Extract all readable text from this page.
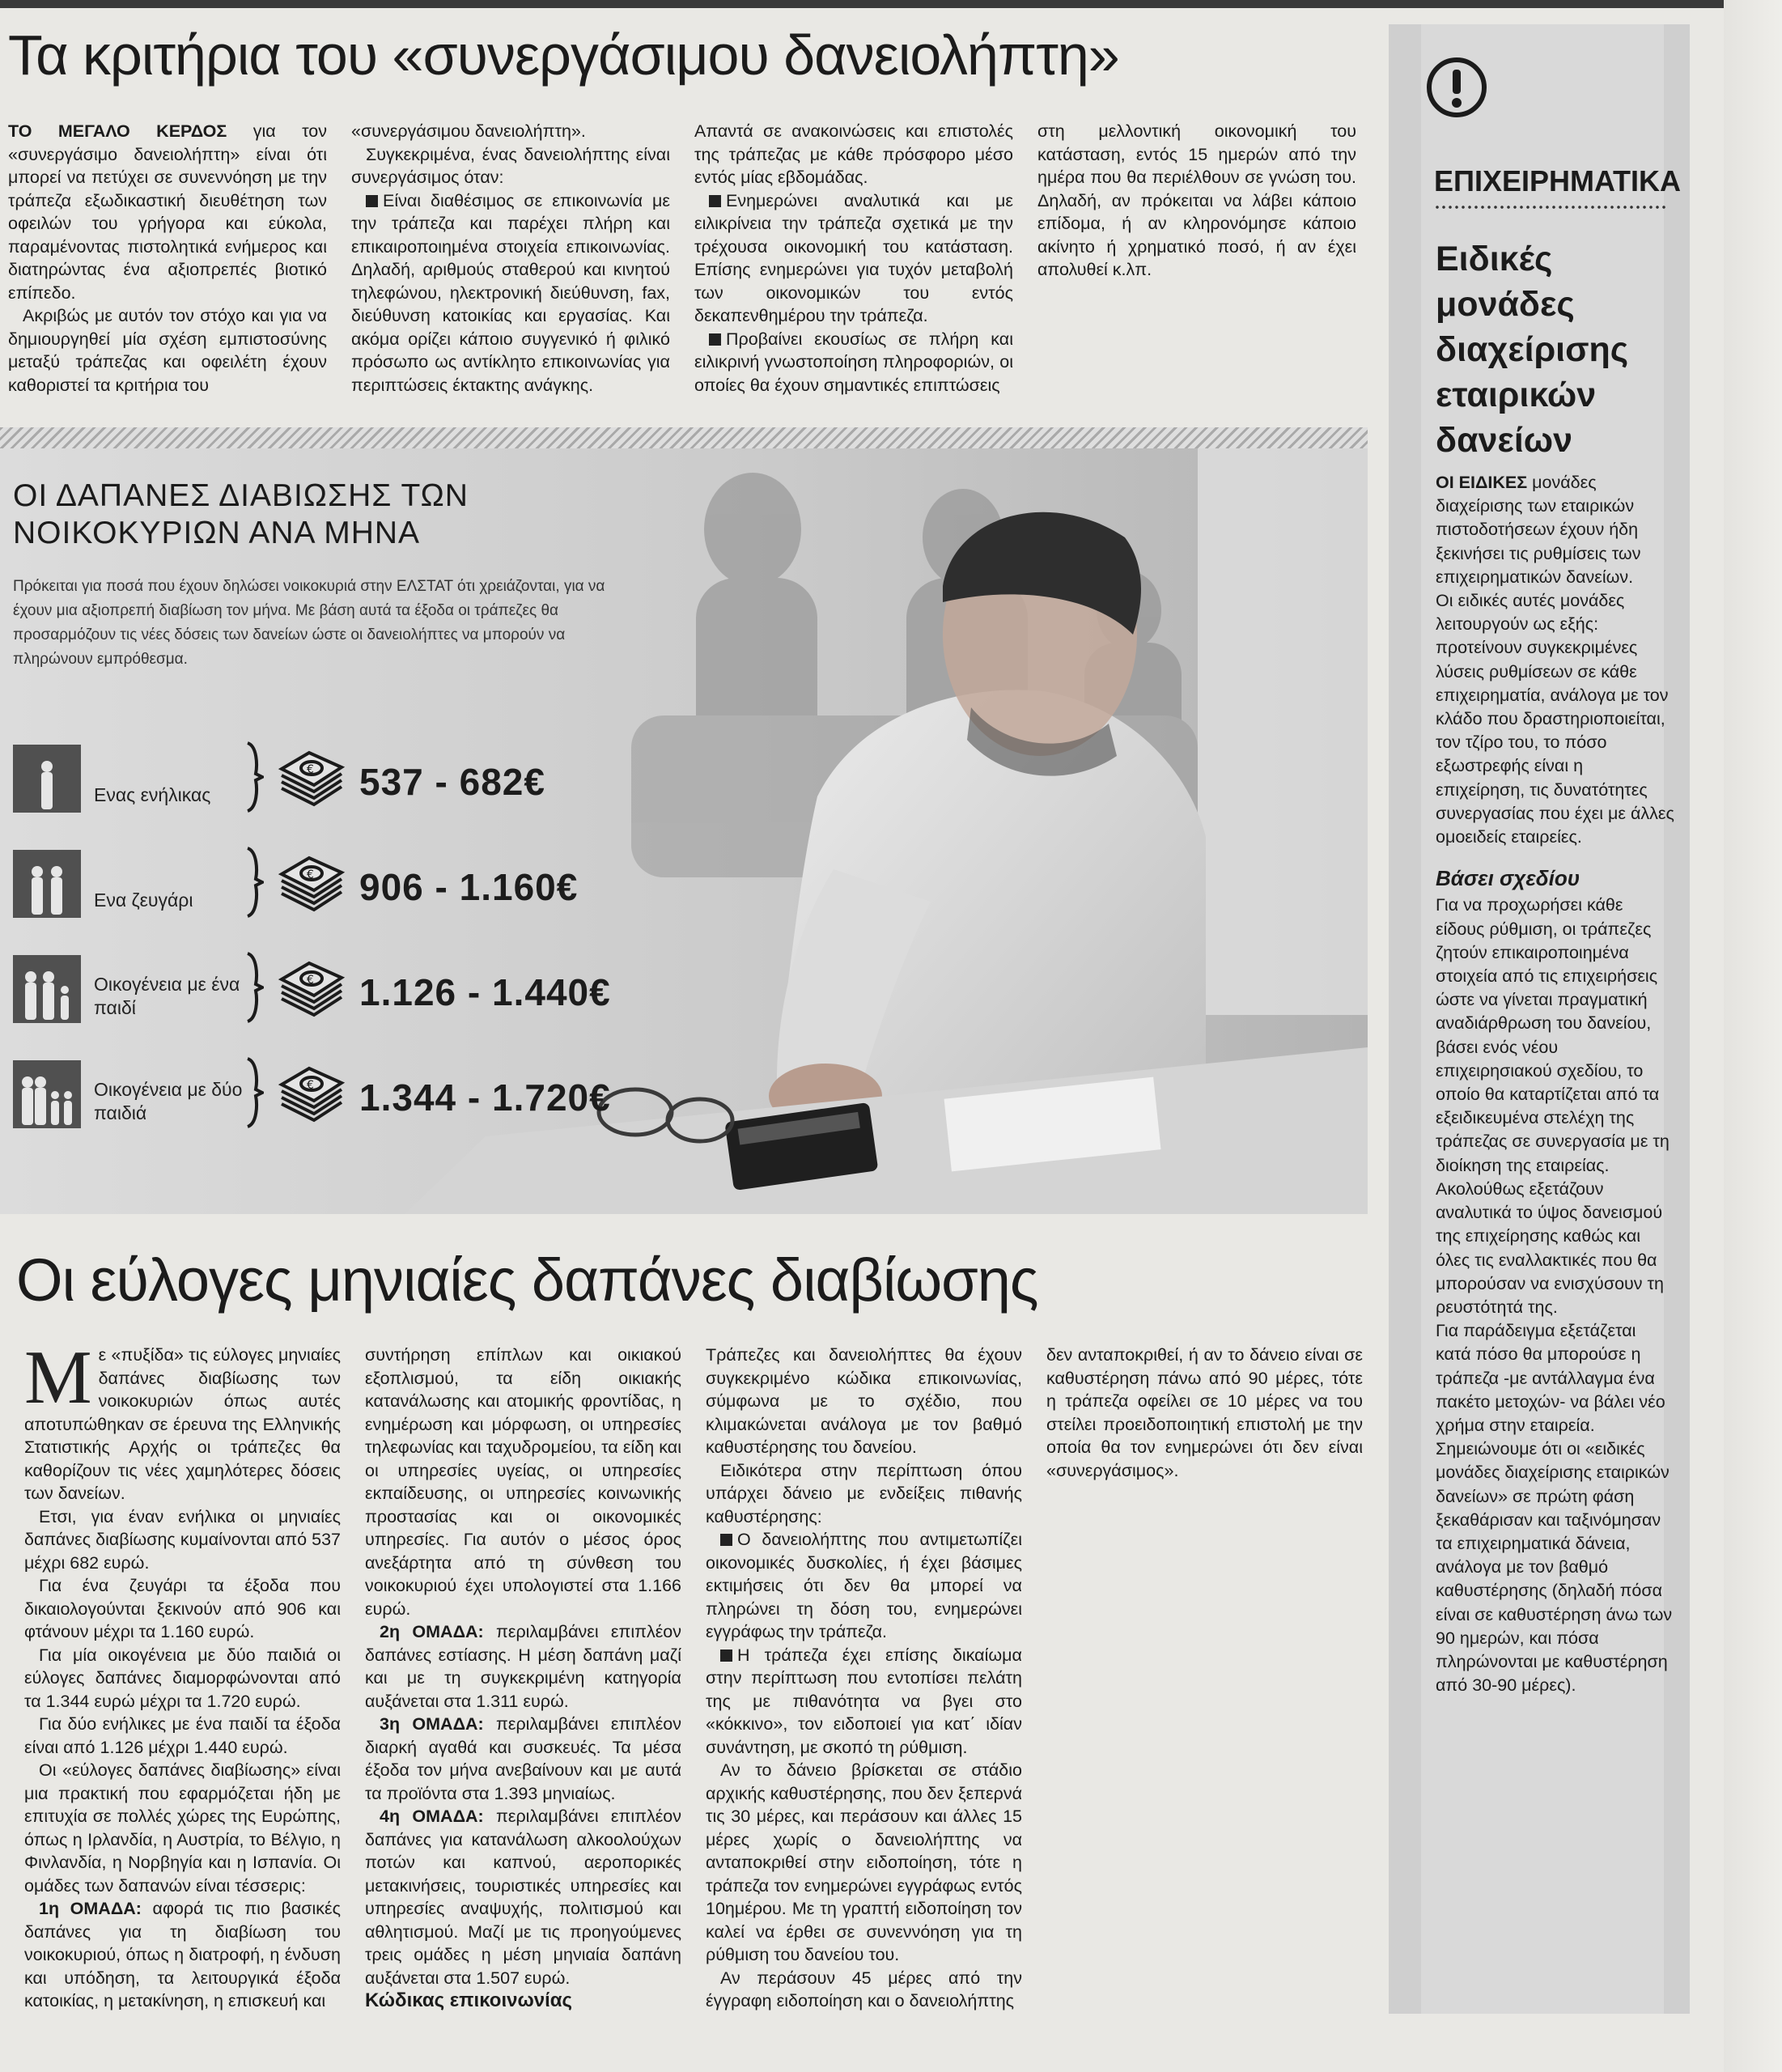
Τα κριτήρια του «συνεργάσιμου δανειολήπτη»

ΤΟ ΜΕΓΑΛΟ ΚΕΡΔΟΣ για τον «συνεργάσιμο δανειολήπτη» είναι ότι μπορεί να πετύχει σε συνεννόηση με την τράπεζα εξωδικαστική διευθέτηση των οφειλών του γρήγορα και εύκολα, παραμένοντας πιστολητικά ενήμερος και διατηρώντας ένα αξιοπρεπές βιοτικό επίπεδο.

Ακριβώς με αυτόν τον στόχο και για να δημιουργηθεί μία σχέση εμπιστοσύνης μεταξύ τράπεζας και οφειλέτη έχουν καθοριστεί τα κριτήρια του

«συνεργάσιμου δανειολήπτη».

Συγκεκριμένα, ένας δανειολήπτης είναι συνεργάσιμος όταν:

Είναι διαθέσιμος σε επικοινωνία με την τράπεζα και παρέχει πλήρη και επικαιροποιημένα στοιχεία επικοινωνίας. Δηλαδή, αριθμούς σταθερού και κινητού τηλεφώνου, ηλεκτρονική διεύθυνση, fax, διεύθυνση κατοικίας και εργασίας. Και ακόμα ορίζει κάποιο συγγενικό ή φιλικό πρόσωπο ως αντίκλητο επικοινωνίας για περιπτώσεις έκτακτης ανάγκης.

Απαντά σε ανακοινώσεις και επιστολές της τράπεζας με κάθε πρόσφορο μέσο εντός μίας εβδομάδας.

Ενημερώνει αναλυτικά και με ειλικρίνεια την τράπεζα σχετικά με την τρέχουσα οικονομική του κατάσταση. Επίσης ενημερώνει για τυχόν μεταβολή των οικονομικών του εντός δεκαπενθημέρου την τράπεζα.

Προβαίνει εκουσίως σε πλήρη και ειλικρινή γνωστοποίηση πληροφοριών, οι οποίες θα έχουν σημαντικές επιπτώσεις

στη μελλοντική οικονομική του κατάσταση, εντός 15 ημερών από την ημέρα που θα περιέλθουν σε γνώση του. Δηλαδή, αν πρόκειται να λάβει κάποιο επίδομα, ή αν κληρονόμησε κάποιο ακίνητο ή χρηματικό ποσό, ή αν έχει απολυθεί κ.λπ.

ΟΙ ΔΑΠΑΝΕΣ ΔΙΑΒΙΩΣΗΣ ΤΩΝ ΝΟΙΚΟΚΥΡΙΩΝ ΑΝΑ ΜΗΝΑ
Πρόκειται για ποσά που έχουν δηλώσει νοικοκυριά στην ΕΛΣΤΑΤ ότι χρειάζονται, για να έχουν μια αξιοπρεπή διαβίωση τον μήνα. Με βάση αυτά τα έξοδα οι τράπεζες θα προσαρμόζουν τις νέες δόσεις των δανείων ώστε οι δανειολήπτες να μπορούν να πληρώνουν εμπρόθεσμα.
Ενας ενήλικας
€ 537 - 682€
Ενα ζευγάρι
€ 906 - 1.160€
Οικογένεια με ένα παιδί
€ 1.126 - 1.440€
Οικογένεια με δύο παιδιά
€ 1.344 - 1.720€
Οι εύλογες μηνιαίες δαπάνες διαβίωσης

Με «πυξίδα» τις εύλογες μηνιαίες δαπάνες διαβίωσης των νοικοκυριών όπως αυτές αποτυπώθηκαν σε έρευνα της Ελληνικής Στατιστικής Αρχής οι τράπεζες θα καθορίζουν τις νέες χαμηλότερες δόσεις των δανείων.

Ετσι, για έναν ενήλικα οι μηνιαίες δαπάνες διαβίωσης κυμαίνονται από 537 μέχρι 682 ευρώ.

Για ένα ζευγάρι τα έξοδα που δικαιολογούνται ξεκινούν από 906 και φτάνουν μέχρι τα 1.160 ευρώ.

Για μία οικογένεια με δύο παιδιά οι εύλογες δαπάνες διαμορφώνονται από τα 1.344 ευρώ μέχρι τα 1.720 ευρώ.

Για δύο ενήλικες με ένα παιδί τα έξοδα είναι από 1.126 μέχρι 1.440 ευρώ.

Οι «εύλογες δαπάνες διαβίωσης» είναι μια πρακτική που εφαρμόζεται ήδη με επιτυχία σε πολλές χώρες της Ευρώπης, όπως η Ιρλανδία, η Αυστρία, το Βέλγιο, η Φινλανδία, η Νορβηγία και η Ισπανία. Οι ομάδες των δαπανών είναι τέσσερις:

1η ΟΜΑΔΑ: αφορά τις πιο βασικές δαπάνες για τη διαβίωση του νοικοκυριού, όπως η διατροφή, η ένδυση και υπόδηση, τα λειτουργικά έξοδα κατοικίας, η μετακίνηση, η επισκευή και

συντήρηση επίπλων και οικιακού εξοπλισμού, τα είδη οικιακής κατανάλωσης και ατομικής φροντίδας, η ενημέρωση και μόρφωση, οι υπηρεσίες τηλεφωνίας και ταχυδρομείου, τα είδη και οι υπηρεσίες υγείας, οι υπηρεσίες εκπαίδευσης, οι υπηρεσίες κοινωνικής προστασίας και οι οικονομικές υπηρεσίες. Για αυτόν ο μέσος όρος ανεξάρτητα από τη σύνθεση του νοικοκυριού έχει υπολογιστεί στα 1.166 ευρώ.

2η ΟΜΑΔΑ: περιλαμβάνει επιπλέον δαπάνες εστίασης. Η μέση δαπάνη μαζί και με τη συγκεκριμένη κατηγορία αυξάνεται στα 1.311 ευρώ.

3η ΟΜΑΔΑ: περιλαμβάνει επιπλέον διαρκή αγαθά και συσκευές. Τα μέσα έξοδα τον μήνα ανεβαίνουν και με αυτά τα προϊόντα στα 1.393 μηνιαίως.

4η ΟΜΑΔΑ: περιλαμβάνει επιπλέον δαπάνες για κατανάλωση αλκοολούχων ποτών και καπνού, αεροπορικές μετακινήσεις, τουριστικές υπηρεσίες και υπηρεσίες αναψυχής, πολιτισμού και αθλητισμού. Μαζί με τις προηγούμενες τρεις ομάδες η μέση μηνιαία δαπάνη αυξάνεται στα 1.507 ευρώ.

Κώδικας επικοινωνίας

Τράπεζες και δανειολήπτες θα έχουν συγκεκριμένο κώδικα επικοινωνίας, σύμφωνα με το σχέδιο, που κλιμακώνεται ανάλογα με τον βαθμό καθυστέρησης του δανείου.

Ειδικότερα στην περίπτωση όπου υπάρχει δάνειο με ενδείξεις πιθανής καθυστέρησης:

Ο δανειολήπτης που αντιμετωπίζει οικονομικές δυσκολίες, ή έχει βάσιμες εκτιμήσεις ότι δεν θα μπορεί να πληρώνει τη δόση του, ενημερώνει εγγράφως την τράπεζα.

Η τράπεζα έχει επίσης δικαίωμα στην περίπτωση που εντοπίσει πελάτη της με πιθανότητα να βγει στο «κόκκινο», τον ειδοποιεί για κατ΄ ιδίαν συνάντηση, με σκοπό τη ρύθμιση.

Αν το δάνειο βρίσκεται σε στάδιο αρχικής καθυστέρησης, που δεν ξεπερνά τις 30 μέρες, και περάσουν και άλλες 15 μέρες χωρίς ο δανειολήπτης να ανταποκριθεί στην ειδοποίηση, τότε η τράπεζα τον ενημερώνει εγγράφως εντός 10ημέρου. Με τη γραπτή ειδοποίηση τον καλεί να έρθει σε συνεννόηση για τη ρύθμιση του δανείου του.

Αν περάσουν 45 μέρες από την έγγραφη ειδοποίηση και ο δανειολήπτης

δεν ανταποκριθεί, ή αν το δάνειο είναι σε καθυστέρηση πάνω από 90 μέρες, τότε η τράπεζα οφείλει σε 10 μέρες να του στείλει προειδοποιητική επιστολή με την οποία θα τον ενημερώνει ότι δεν είναι «συνεργάσιμος».

ΕΠΙΧΕΙΡΗΜΑΤΙΚΑ
Ειδικές μονάδες διαχείρισης εταιρικών δανείων

ΟΙ ΕΙΔΙΚΕΣ μονάδες διαχείρισης των εταιρικών πιστοδοτήσεων έχουν ήδη ξεκινήσει τις ρυθμίσεις των επιχειρηματικών δανείων.

Οι ειδικές αυτές μονάδες λειτουργούν ως εξής: προτείνουν συγκεκριμένες λύσεις ρυθμίσεων σε κάθε επιχειρηματία, ανάλογα με τον κλάδο που δραστηριοποιείται, τον τζίρο του, το πόσο εξωστρεφής είναι η επιχείρηση, τις δυνατότητες συνεργασίας που έχει με άλλες ομοειδείς εταιρείες.

Βάσει σχεδίου

Για να προχωρήσει κάθε είδους ρύθμιση, οι τράπεζες ζητούν επικαιροποιημένα στοιχεία από τις επιχειρήσεις ώστε να γίνεται πραγματική αναδιάρθρωση του δανείου, βάσει ενός νέου επιχειρησιακού σχεδίου, το οποίο θα καταρτίζεται από τα εξειδικευμένα στελέχη της τράπεζας σε συνεργασία με τη διοίκηση της εταιρείας.

Ακολούθως εξετάζουν αναλυτικά το ύψος δανεισμού της επιχείρησης καθώς και όλες τις εναλλακτικές που θα μπορούσαν να ενισχύσουν τη ρευστότητά της.

Για παράδειγμα εξετάζεται κατά πόσο θα μπορούσε η τράπεζα -με αντάλλαγμα ένα πακέτο μετοχών- να βάλει νέο χρήμα στην εταιρεία.

Σημειώνουμε ότι οι «ειδικές μονάδες διαχείρισης εταιρικών δανείων» σε πρώτη φάση ξεκαθάρισαν και ταξινόμησαν τα επιχειρηματικά δάνεια, ανάλογα με τον βαθμό καθυστέρησης (δηλαδή πόσα είναι σε καθυστέρηση άνω των 90 ημερών, και πόσα πληρώνονται με καθυστέρηση από 30-90 μέρες).
